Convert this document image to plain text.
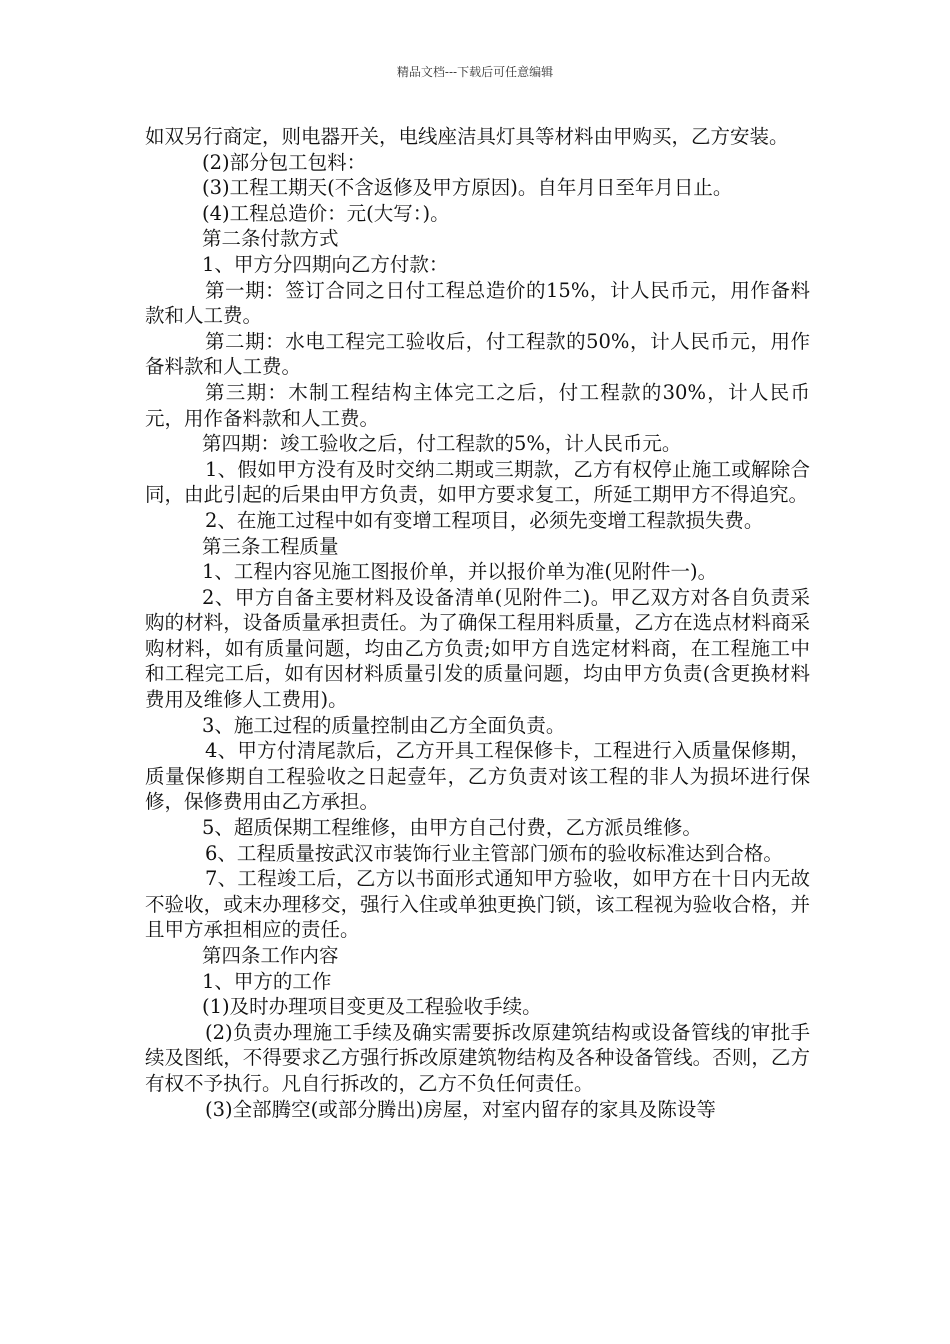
精品文档---下载后可任意编辑

如双另行商定，则电器开关，电线座洁具灯具等材料由甲购买，乙方安装。

(2)部分包工包料：

(3)工程工期天(不含返修及甲方原因)。自年月日至年月日止。

(4)工程总造价：元(大写：)。

第二条付款方式

1、甲方分四期向乙方付款：

第一期：签订合同之日付工程总造价的15%，计人民币元，用作备料款和人工费。

第二期：水电工程完工验收后，付工程款的50%，计人民币元，用作备料款和人工费。

第三期：木制工程结构主体完工之后，付工程款的30%，计人民币元，用作备料款和人工费。

第四期：竣工验收之后，付工程款的5%，计人民币元。

1、假如甲方没有及时交纳二期或三期款，乙方有权停止施工或解除合同，由此引起的后果由甲方负责，如甲方要求复工，所延工期甲方不得追究。

2、在施工过程中如有变增工程项目，必须先变增工程款损失费。

第三条工程质量

1、工程内容见施工图报价单，并以报价单为准(见附件一)。

2、甲方自备主要材料及设备清单(见附件二)。甲乙双方对各自负责采购的材料，设备质量承担责任。为了确保工程用料质量，乙方在选点材料商采购材料，如有质量问题，均由乙方负责;如甲方自选定材料商，在工程施工中和工程完工后，如有因材料质量引发的质量问题，均由甲方负责(含更换材料费用及维修人工费用)。

3、施工过程的质量控制由乙方全面负责。

4、甲方付清尾款后，乙方开具工程保修卡，工程进行入质量保修期，质量保修期自工程验收之日起壹年，乙方负责对该工程的非人为损坏进行保修，保修费用由乙方承担。

5、超质保期工程维修，由甲方自己付费，乙方派员维修。

6、工程质量按武汉市装饰行业主管部门颁布的验收标准达到合格。

7、工程竣工后，乙方以书面形式通知甲方验收，如甲方在十日内无故不验收，或末办理移交，强行入住或单独更换门锁，该工程视为验收合格，并且甲方承担相应的责任。

第四条工作内容

1、甲方的工作

(1)及时办理项目变更及工程验收手续。

(2)负责办理施工手续及确实需要拆改原建筑结构或设备管线的审批手续及图纸，不得要求乙方强行拆改原建筑物结构及各种设备管线。否则，乙方有权不予执行。凡自行拆改的，乙方不负任何责任。

(3)全部腾空(或部分腾出)房屋，对室内留存的家具及陈设等
